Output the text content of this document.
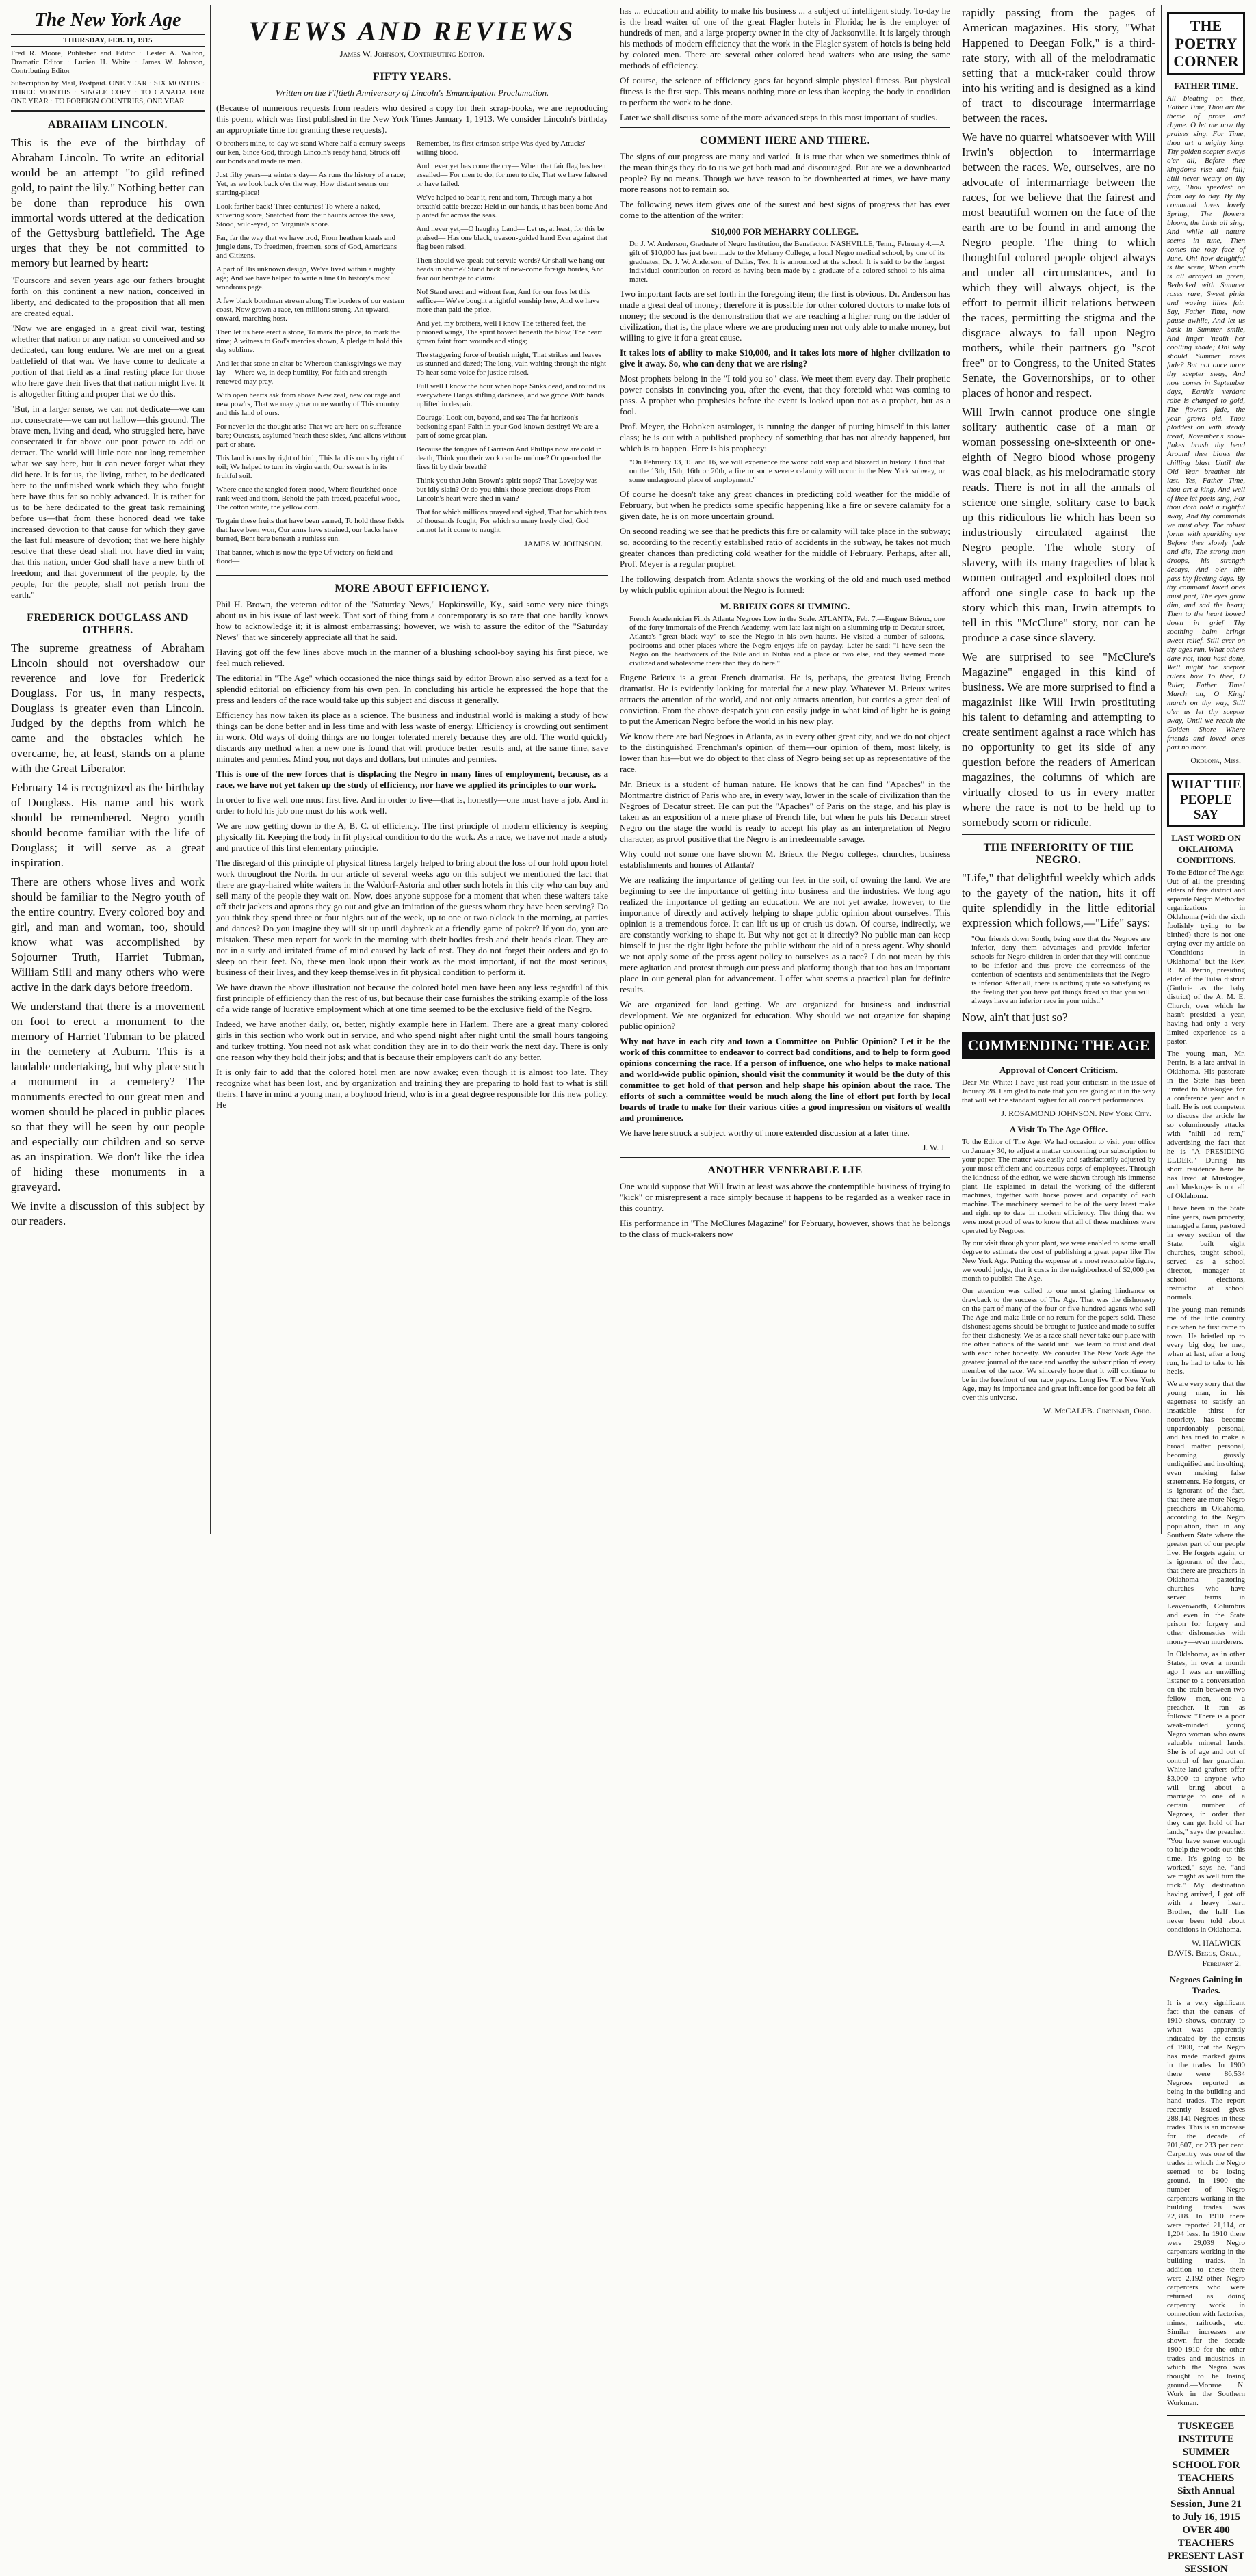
The New York Age
THURSDAY, FEB. 11, 1915

Fred R. Moore, Publisher and Editor · Lester A. Walton, Dramatic Editor · Lucien H. White · James W. Johnson, Contributing Editor

Subscription by Mail, Postpaid. ONE YEAR · SIX MONTHS · THREE MONTHS · SINGLE COPY · TO CANADA FOR ONE YEAR · TO FOREIGN COUNTRIES, ONE YEAR

ABRAHAM LINCOLN.

This is the eve of the birthday of Abraham Lincoln. To write an editorial would be an attempt "to gild refined gold, to paint the lily." Nothing better can be done than reproduce his own immortal words uttered at the dedication of the Gettysburg battlefield. The Age urges that they be not committed to memory but learned by heart:

"Fourscore and seven years ago our fathers brought forth on this continent a new nation, conceived in liberty, and dedicated to the proposition that all men are created equal.

"Now we are engaged in a great civil war, testing whether that nation or any nation so conceived and so dedicated, can long endure. We are met on a great battlefield of that war. We have come to dedicate a portion of that field as a final resting place for those who here gave their lives that that nation might live. It is altogether fitting and proper that we do this.

"But, in a larger sense, we can not dedicate—we can not consecrate—we can not hallow—this ground. The brave men, living and dead, who struggled here, have consecrated it far above our poor power to add or detract. The world will little note nor long remember what we say here, but it can never forget what they did here. It is for us, the living, rather, to be dedicated here to the unfinished work which they who fought here have thus far so nobly advanced. It is rather for us to be here dedicated to the great task remaining before us—that from these honored dead we take increased devotion to that cause for which they gave the last full measure of devotion; that we here highly resolve that these dead shall not have died in vain; that this nation, under God shall have a new birth of freedom; and that government of the people, by the people, for the people, shall not perish from the earth."

FREDERICK DOUGLASS AND OTHERS.

The supreme greatness of Abraham Lincoln should not overshadow our reverence and love for Frederick Douglass. For us, in many respects, Douglass is greater even than Lincoln. Judged by the depths from which he came and the obstacles which he overcame, he, at least, stands on a plane with the Great Liberator.

February 14 is recognized as the birthday of Douglass. His name and his work should be remembered. Negro youth should become familiar with the life of Douglass; it will serve as a great inspiration.

There are others whose lives and work should be familiar to the Negro youth of the entire country. Every colored boy and girl, and man and woman, too, should know what was accomplished by Sojourner Truth, Harriet Tubman, William Still and many others who were active in the dark days before freedom.

We understand that there is a movement on foot to erect a monument to the memory of Harriet Tubman to be placed in the cemetery at Auburn. This is a laudable undertaking, but why place such a monument in a cemetery? The monuments erected to our great men and women should be placed in public places so that they will be seen by our people and especially our children and so serve as an inspiration. We don't like the idea of hiding these monuments in a graveyard.

We invite a discussion of this subject by our readers.

VIEWS AND REVIEWS
James W. Johnson, Contributing Editor.
FIFTY YEARS.
Written on the Fiftieth Anniversary of Lincoln's Emancipation Proclamation.

(Because of numerous requests from readers who desired a copy for their scrap-books, we are reproducing this poem, which was first published in the New York Times January 1, 1913. We consider Lincoln's birthday an appropriate time for granting these requests).

O brothers mine, to-day we stand Where half a century sweeps our ken, Since God, through Lincoln's ready hand, Struck off our bonds and made us men.

Just fifty years—a winter's day— As runs the history of a race; Yet, as we look back o'er the way, How distant seems our starting-place!

Look farther back! Three centuries! To where a naked, shivering score, Snatched from their haunts across the seas, Stood, wild-eyed, on Virginia's shore.

Far, far the way that we have trod, From heathen kraals and jungle dens, To freedmen, freemen, sons of God, Americans and Citizens.

A part of His unknown design, We've lived within a mighty age; And we have helped to write a line On history's most wondrous page.

A few black bondmen strewn along The borders of our eastern coast, Now grown a race, ten millions strong, An upward, onward, marching host.

Then let us here erect a stone, To mark the place, to mark the time; A witness to God's mercies shown, A pledge to hold this day sublime.

And let that stone an altar be Whereon thanksgivings we may lay— Where we, in deep humility, For faith and strength renewed may pray.

With open hearts ask from above New zeal, new courage and new pow'rs, That we may grow more worthy of This country and this land of ours.

For never let the thought arise That we are here on sufferance bare; Outcasts, asylumed 'neath these skies, And aliens without part or share.

This land is ours by right of birth, This land is ours by right of toil; We helped to turn its virgin earth, Our sweat is in its fruitful soil.

Where once the tangled forest stood, Where flourished once rank weed and thorn, Behold the path-traced, peaceful wood, The cotton white, the yellow corn.

To gain these fruits that have been earned, To hold these fields that have been won, Our arms have strained, our backs have burned, Bent bare beneath a ruthless sun.

That banner, which is now the type Of victory on field and flood—

Remember, its first crimson stripe Was dyed by Attucks' willing blood.

And never yet has come the cry— When that fair flag has been assailed— For men to do, for men to die, That we have faltered or have failed.

We've helped to bear it, rent and torn, Through many a hot-breath'd battle breeze: Held in our hands, it has been borne And planted far across the seas.

And never yet,—O haughty Land— Let us, at least, for this be praised— Has one black, treason-guided hand Ever against that flag been raised.

Then should we speak but servile words? Or shall we hang our heads in shame? Stand back of new-come foreign hordes, And fear our heritage to claim?

No! Stand erect and without fear, And for our foes let this suffice— We've bought a rightful sonship here, And we have more than paid the price.

And yet, my brothers, well I know The tethered feet, the pinioned wings, The spirit bowed beneath the blow, The heart grown faint from wounds and stings;

The staggering force of brutish might, That strikes and leaves us stunned and dazed; The long, vain waiting through the night To hear some voice for justice raised.

Full well I know the hour when hope Sinks dead, and round us everywhere Hangs stifling darkness, and we grope With hands uplifted in despair.

Courage! Look out, beyond, and see The far horizon's beckoning span! Faith in your God-known destiny! We are a part of some great plan.

Because the tongues of Garrison And Phillips now are cold in death, Think you their work can be undone? Or quenched the fires lit by their breath?

Think you that John Brown's spirit stops? That Lovejoy was but idly slain? Or do you think those precious drops From Lincoln's heart were shed in vain?

That for which millions prayed and sighed, That for which tens of thousands fought, For which so many freely died, God cannot let it come to naught.

JAMES W. JOHNSON.
MORE ABOUT EFFICIENCY.

Phil H. Brown, the veteran editor of the "Saturday News," Hopkinsville, Ky., said some very nice things about us in his issue of last week. That sort of thing from a contemporary is so rare that one hardly knows how to acknowledge it; it is almost embarrassing; however, we wish to assure the editor of the "Saturday News" that we sincerely appreciate all that he said.

Having got off the few lines above much in the manner of a blushing school-boy saying his first piece, we feel much relieved.

The editorial in "The Age" which occasioned the nice things said by editor Brown also served as a text for a splendid editorial on efficiency from his own pen. In concluding his article he expressed the hope that the press and leaders of the race would take up this subject and discuss it generally.

Efficiency has now taken its place as a science. The business and industrial world is making a study of how things can be done better and in less time and with less waste of energy. Efficiency is crowding out sentiment in work. Old ways of doing things are no longer tolerated merely because they are old. The world quickly discards any method when a new one is found that will produce better results and, at the same time, save minutes and pennies. Mind you, not days and dollars, but minutes and pennies.

This is one of the new forces that is displacing the Negro in many lines of employment, because, as a race, we have not yet taken up the study of efficiency, nor have we applied its principles to our work.

In order to live well one must first live. And in order to live—that is, honestly—one must have a job. And in order to hold his job one must do his work well.

We are now getting down to the A, B, C. of efficiency. The first principle of modern efficiency is keeping physically fit. Keeping the body in fit physical condition to do the work. As a race, we have not made a study and practice of this first elementary principle.

The disregard of this principle of physical fitness largely helped to bring about the loss of our hold upon hotel work throughout the North. In our article of several weeks ago on this subject we mentioned the fact that there are gray-haired white waiters in the Waldorf-Astoria and other such hotels in this city who can buy and sell many of the people they wait on. Now, does anyone suppose for a moment that when these waiters take off their jackets and aprons they go out and give an imitation of the guests whom they have been serving? Do you think they spend three or four nights out of the week, up to one or two o'clock in the morning, at parties and dances? Do you imagine they will sit up until daybreak at a friendly game of poker? If you do, you are mistaken. These men report for work in the morning with their bodies fresh and their heads clear. They are not in a surly and irritated frame of mind caused by lack of rest. They do not forget their orders and go to sleep on their feet. No, these men look upon their work as the most important, if not the most serious, business of their lives, and they keep themselves in fit physical condition to perform it.

We have drawn the above illustration not because the colored hotel men have been any less regardful of this first principle of efficiency than the rest of us, but because their case furnishes the striking example of the loss of a wide range of lucrative employment which at one time seemed to be the exclusive field of the Negro.

Indeed, we have another daily, or, better, nightly example here in Harlem. There are a great many colored girls in this section who work out in service, and who spend night after night until the small hours tangoing and turkey trotting. You need not ask what condition they are in to do their work the next day. There is only one reason why they hold their jobs; and that is because their employers can't do any better.

It is only fair to add that the colored hotel men are now awake; even though it is almost too late. They recognize what has been lost, and by organization and training they are preparing to hold fast to what is still theirs. I have in mind a young man, a boyhood friend, who is in a great degree responsible for this new policy. He

has ... education and ability to make his business ... a subject of intelligent study. To-day he is the head waiter of one of the great Flagler hotels in Florida; he is the employer of hundreds of men, and a large property owner in the city of Jacksonville. It is largely through his methods of modern efficiency that the work in the Flagler system of hotels is being held by colored men. There are several other colored head waiters who are using the same methods of efficiency.

Of course, the science of efficiency goes far beyond simple physical fitness. But physical fitness is the first step. This means nothing more or less than keeping the body in condition to perform the work to be done.

Later we shall discuss some of the more advanced steps in this most important of studies.

COMMENT HERE AND THERE.

The signs of our progress are many and varied. It is true that when we sometimes think of the mean things they do to us we get both mad and discouraged. But are we a downhearted people? By no means. Though we have reason to be downhearted at times, we have many more reasons not to remain so.

The following news item gives one of the surest and best signs of progress that has ever come to the attention of the writer:

$10,000 FOR MEHARRY COLLEGE.

Dr. J. W. Anderson, Graduate of Negro Institution, the Benefactor. NASHVILLE, Tenn., February 4.—A gift of $10,000 has just been made to the Meharry College, a local Negro medical school, by one of its graduates, Dr. J. W. Anderson, of Dallas, Tex. It is announced at the school. It is said to be the largest individual contribution on record as having been made by a graduate of a colored school to his alma mater.

Two important facts are set forth in the foregoing item; the first is obvious, Dr. Anderson has made a great deal of money; therefore it is possible for other colored doctors to make lots of money; the second is the demonstration that we are reaching a higher rung on the ladder of civilization, that is, the place where we are producing men not only able to make money, but willing to give it for a great cause.

It takes lots of ability to make $10,000, and it takes lots more of higher civilization to give it away. So, who can deny that we are rising?

Most prophets belong in the "I told you so" class. We meet them every day. Their prophetic power consists in convincing you, after the event, that they foretold what was coming to pass. A prophet who prophesies before the event is looked upon not as a prophet, but as a fool.

Prof. Meyer, the Hoboken astrologer, is running the danger of putting himself in this latter class; he is out with a published prophecy of something that has not already happened, but which is to happen. Here is his prophecy:

"On February 13, 15 and 16, we will experience the worst cold snap and blizzard in history. I find that on the 13th, 15th, 16th or 20th, a fire or some severe calamity will occur in the New York subway, or some underground place of employment."

Of course he doesn't take any great chances in predicting cold weather for the middle of February, but when he predicts some specific happening like a fire or severe calamity for a given date, he is on more uncertain ground.

On second reading we see that he predicts this fire or calamity will take place in the subway; so, according to the recently established ratio of accidents in the subway, he takes not much greater chances than predicting cold weather for the middle of February. Perhaps, after all, Prof. Meyer is a regular prophet.

The following despatch from Atlanta shows the working of the old and much used method by which public opinion about the Negro is formed:

M. BRIEUX GOES SLUMMING.

French Academician Finds Atlanta Negroes Low in the Scale. ATLANTA, Feb. 7.—Eugene Brieux, one of the forty immortals of the French Academy, went late last night on a slumming trip to Decatur street, Atlanta's "great black way" to see the Negro in his own haunts. He visited a number of saloons, poolrooms and other places where the Negro enjoys life on payday. Later he said: "I have seen the Negro on the headwaters of the Nile and in Nubia and a place or two else, and they seemed more civilized and wholesome there than they do here."

Eugene Brieux is a great French dramatist. He is, perhaps, the greatest living French dramatist. He is evidently looking for material for a new play. Whatever M. Brieux writes attracts the attention of the world, and not only attracts attention, but carries a great deal of conviction. From the above despatch you can easily judge in what kind of light he is going to put the American Negro before the world in his new play.

We know there are bad Negroes in Atlanta, as in every other great city, and we do not object to the distinguished Frenchman's opinion of them—our opinion of them, most likely, is lower than his—but we do object to that class of Negro being set up as representative of the race.

Mr. Brieux is a student of human nature. He knows that he can find "Apaches" in the Montmartre district of Paris who are, in every way, lower in the scale of civilization than the Negroes of Decatur street. He can put the "Apaches" of Paris on the stage, and his play is taken as an exposition of a mere phase of French life, but when he puts his Decatur street Negro on the stage the world is ready to accept his play as an interpretation of Negro character, as proof positive that the Negro is an irredeemable savage.

Why could not some one have shown M. Brieux the Negro colleges, churches, business establishments and homes of Atlanta?

We are realizing the importance of getting our feet in the soil, of owning the land. We are beginning to see the importance of getting into business and the industries. We long ago realized the importance of getting an education. We are not yet awake, however, to the importance of directly and actively helping to shape public opinion about ourselves. This opinion is a tremendous force. It can lift us up or crush us down. Of course, indirectly, we are constantly working to shape it. But why not get at it directly? No public man can keep himself in just the right light before the public without the aid of a press agent. Why should we not apply some of the press agent policy to ourselves as a race? I do not mean by this mere agitation and protest through our press and platform; though that too has an important place in our general plan for advancement. I offer what seems a practical plan for definite results.

We are organized for land getting. We are organized for business and industrial development. We are organized for education. Why should we not organize for shaping public opinion?

Why not have in each city and town a Committee on Public Opinion? Let it be the work of this committee to endeavor to correct bad conditions, and to help to form good opinions concerning the race. If a person of influence, one who helps to make national and world-wide public opinion, should visit the community it would be the duty of this committee to get hold of that person and help shape his opinion about the race. The efforts of such a committee would be much along the line of effort put forth by local boards of trade to make for their various cities a good impression on visitors of wealth and prominence.

We have here struck a subject worthy of more extended discussion at a later time.

J. W. J.
ANOTHER VENERABLE LIE

One would suppose that Will Irwin at least was above the contemptible business of trying to "kick" or misrepresent a race simply because it happens to be regarded as a weaker race in this country.

His performance in "The McClures Magazine" for February, however, shows that he belongs to the class of muck-rakers now

rapidly passing from the pages of American magazines. His story, "What Happened to Deegan Folk," is a third-rate story, with all of the melodramatic setting that a muck-raker could throw into his writing and is designed as a kind of tract to discourage intermarriage between the races.

We have no quarrel whatsoever with Will Irwin's objection to intermarriage between the races. We, ourselves, are no advocate of intermarriage between the races, for we believe that the fairest and most beautiful women on the face of the earth are to be found in and among the Negro people. The thing to which thoughtful colored people object always and under all circumstances, and to which they will always object, is the effort to permit illicit relations between the races, permitting the stigma and the disgrace always to fall upon Negro mothers, while their partners go "scot free" or to Congress, to the United States Senate, the Governorships, or to other places of honor and respect.

Will Irwin cannot produce one single solitary authentic case of a man or woman possessing one-sixteenth or one-eighth of Negro blood whose progeny was coal black, as his melodramatic story reads. There is not in all the annals of science one single, solitary case to back up this ridiculous lie which has been so industriously circulated against the Negro people. The whole story of slavery, with its many tragedies of black women outraged and exploited does not afford one single case to back up the story which this man, Irwin attempts to tell in this "McClure" story, nor can he produce a case since slavery.

We are surprised to see "McClure's Magazine" engaged in this kind of business. We are more surprised to find a magazinist like Will Irwin prostituting his talent to defaming and attempting to create sentiment against a race which has no opportunity to get its side of any question before the readers of American magazines, the columns of which are virtually closed to us in every matter where the race is not to be held up to somebody scorn or ridicule.

THE INFERIORITY OF THE NEGRO.

"Life," that delightful weekly which adds to the gayety of the nation, hits it off quite splendidly in the little editorial expression which follows,—"Life" says:

"Our friends down South, being sure that the Negroes are inferior, deny them advantages and provide inferior schools for Negro children in order that they will continue to be inferior and thus prove the correctness of the contention of scientists and sentimentalists that the Negro is inferior. After all, there is nothing quite so satisfying as the feeling that you have got things fixed so that you will always have an inferior race in your midst."

Now, ain't that just so?

COMMENDING THE AGE
Approval of Concert Criticism.

Dear Mr. White: I have just read your criticism in the issue of January 28. I am glad to note that you are going at it in the way that will set the standard higher for all concert performances.

J. ROSAMOND JOHNSON. New York City.
A Visit To The Age Office.

To the Editor of The Age: We had occasion to visit your office on January 30, to adjust a matter concerning our subscription to your paper. The matter was easily and satisfactorily adjusted by your most efficient and courteous corps of employees. Through the kindness of the editor, we were shown through his immense plant. He explained in detail the working of the different machines, together with horse power and capacity of each machine. The machinery seemed to be of the very latest make and right up to date in modern efficiency. The thing that we were most proud of was to know that all of these machines were operated by Negroes.

By our visit through your plant, we were enabled to some small degree to estimate the cost of publishing a great paper like The New York Age. Putting the expense at a most reasonable figure, we would judge, that it costs in the neighborhood of $2,000 per month to publish The Age.

Our attention was called to one most glaring hindrance or drawback to the success of The Age. That was the dishonesty on the part of many of the four or five hundred agents who sell The Age and make little or no return for the papers sold. These dishonest agents should be brought to justice and made to suffer for their dishonesty. We as a race shall never take our place with the other nations of the world until we learn to trust and deal with each other honestly. We consider The New York Age the greatest journal of the race and worthy the subscription of every member of the race. We sincerely hope that it will continue to be in the forefront of our race papers. Long live The New York Age, may its importance and great influence for good be felt all over this universe.

W. McCALEB. Cincinnati, Ohio.
THE POETRY CORNER
FATHER TIME.

All bleating on thee, Father Time, Thou art the theme of prose and rhyme. O let me now thy praises sing, For Time, thou art a mighty king. Thy golden scepter sways o'er all, Before thee kingdoms rise and fall; Still never weary on thy way, Thou speedest on from day to day. By thy command loves lovely Spring, The flowers bloom, the birds all sing; And while all nature seems in tune, Then comes the rosy face of June. Oh! how delightful is the scene, When earth is all arrayed in green, Bedecked with Summer roses rare, Sweet pinks and waving lilies fair. Say, Father Time, now pause awhile, And let us bask in Summer smile, And linger 'neath her coolling shade; Oh! why should Summer roses fade? But not once more thy scepter sway, And now comes in September days, Earth's verdant robe is changed to gold, The flowers fade, the year grows old. Thou ploddest on with steady tread, November's snow-flakes brush thy head Around thee blows the chilling blast Until the Old Year breathes his last. Yes, Father Time, thou art a king, And well of thee let poets sing, For thou doth hold a rightful sway, And thy commands we must obey. The robust forms with sparkling eye Before thee slowly fade and die, The strong man droops, his strength decays, And o'er him pass thy fleeting days. By thy command loved ones must part, The eyes grow dim, and sad the heart; Then to the heart bowed down in grief Thy soothing balm brings sweet relief. Still ever on thy ages run, What others dare not, thou hast done, Well might the scepter rulers bow To thee, O Ruler, Father Time! March on, O King! march on thy way, Still o'er us let thy scepter sway, Until we reach the Golden Shore Where friends and loved ones part no more.

Okolona, Miss.
WHAT THE PEOPLE SAY
LAST WORD ON OKLAHOMA CONDITIONS.

To the Editor of The Age: Out of all the presiding elders of five district and separate Negro Methodist organizations in Oklahoma (with the sixth foolishly trying to be birthed) there is not one crying over my article on "Conditions in Oklahoma" but the Rev. R. M. Perrin, presiding elder of the Tulsa district (Guthrie as the baby district) of the A. M. E. Church, over which he hasn't presided a year, having had only a very limited experience as a pastor.

The young man, Mr. Perrin, is a late arrival in Oklahoma. His pastorate in the State has been limited to Muskogee for a conference year and a half. He is not competent to discuss the article he so voluminously attacks with "nihil ad rem," advertising the fact that he is "A PRESIDING ELDER." During his short residence here he has lived at Muskogee, and Muskogee is not all of Oklahoma.

I have been in the State nine years, own property, managed a farm, pastored in every section of the State, built eight churches, taught school, served as a school director, manager at school elections, instructor at school normals.

The young man reminds me of the little country tice when he first came to town. He bristled up to every big dog he met, when at last, after a long run, he had to take to his heels.

We are very sorry that the young man, in his eagerness to satisfy an insatiable thirst for notoriety, has become unpardonably personal, and has tried to make a broad matter personal, becoming grossly undignified and insulting, even making false statements. He forgets, or is ignorant of the fact, that there are more Negro preachers in Oklahoma, according to the Negro population, than in any Southern State where the greater part of our people live. He forgets again, or is ignorant of the fact, that there are preachers in Oklahoma pastoring churches who have served terms in Leavenworth, Columbus and even in the State prison for forgery and other dishonesties with money—even murderers.

In Oklahoma, as in other States, in over a month ago I was an unwilling listener to a conversation on the train between two fellow men, one a preacher. It ran as follows: "There is a poor weak-minded young Negro woman who owns valuable mineral lands. She is of age and out of control of her guardian. White land grafters offer $3,000 to anyone who will bring about a marriage to one of a certain number of Negroes, in order that they can get hold of her lands," says the preacher. "You have sense enough to help the woods out this time. It's going to be worked," says he, "and we might as well turn the trick." My destination having arrived, I got off with a heavy heart. Brother, the half has never been told about conditions in Oklahoma.

W. HALWICK DAVIS. Beggs, Okla., February 2.
Negroes Gaining in Trades.

It is a very significant fact that the census of 1910 shows, contrary to what was apparently indicated by the census of 1900, that the Negro has made marked gains in the trades. In 1900 there were 86,534 Negroes reported as being in the building and hand trades. The report recently issued gives 288,141 Negroes in these trades. This is an increase for the decade of 201,607, or 233 per cent. Carpentry was one of the trades in which the Negro seemed to be losing ground. In 1900 the number of Negro carpenters working in the building trades was 22,318. In 1910 there were reported 21,114, or 1,204 less. In 1910 there were 29,039 Negro carpenters working in the building trades. In addition to these there were 2,192 other Negro carpenters who were returned as doing carpentry work in connection with factories, mines, railroads, etc. Similar increases are shown for the decade 1900-1910 for the other trades and industries in which the Negro was thought to be losing ground.—Monroe N. Work in the Southern Workman.

TUSKEGEE INSTITUTE SUMMER SCHOOL FOR TEACHERS Sixth Annual Session, June 21 to July 16, 1915 OVER 400 TEACHERS PRESENT LAST SESSION
